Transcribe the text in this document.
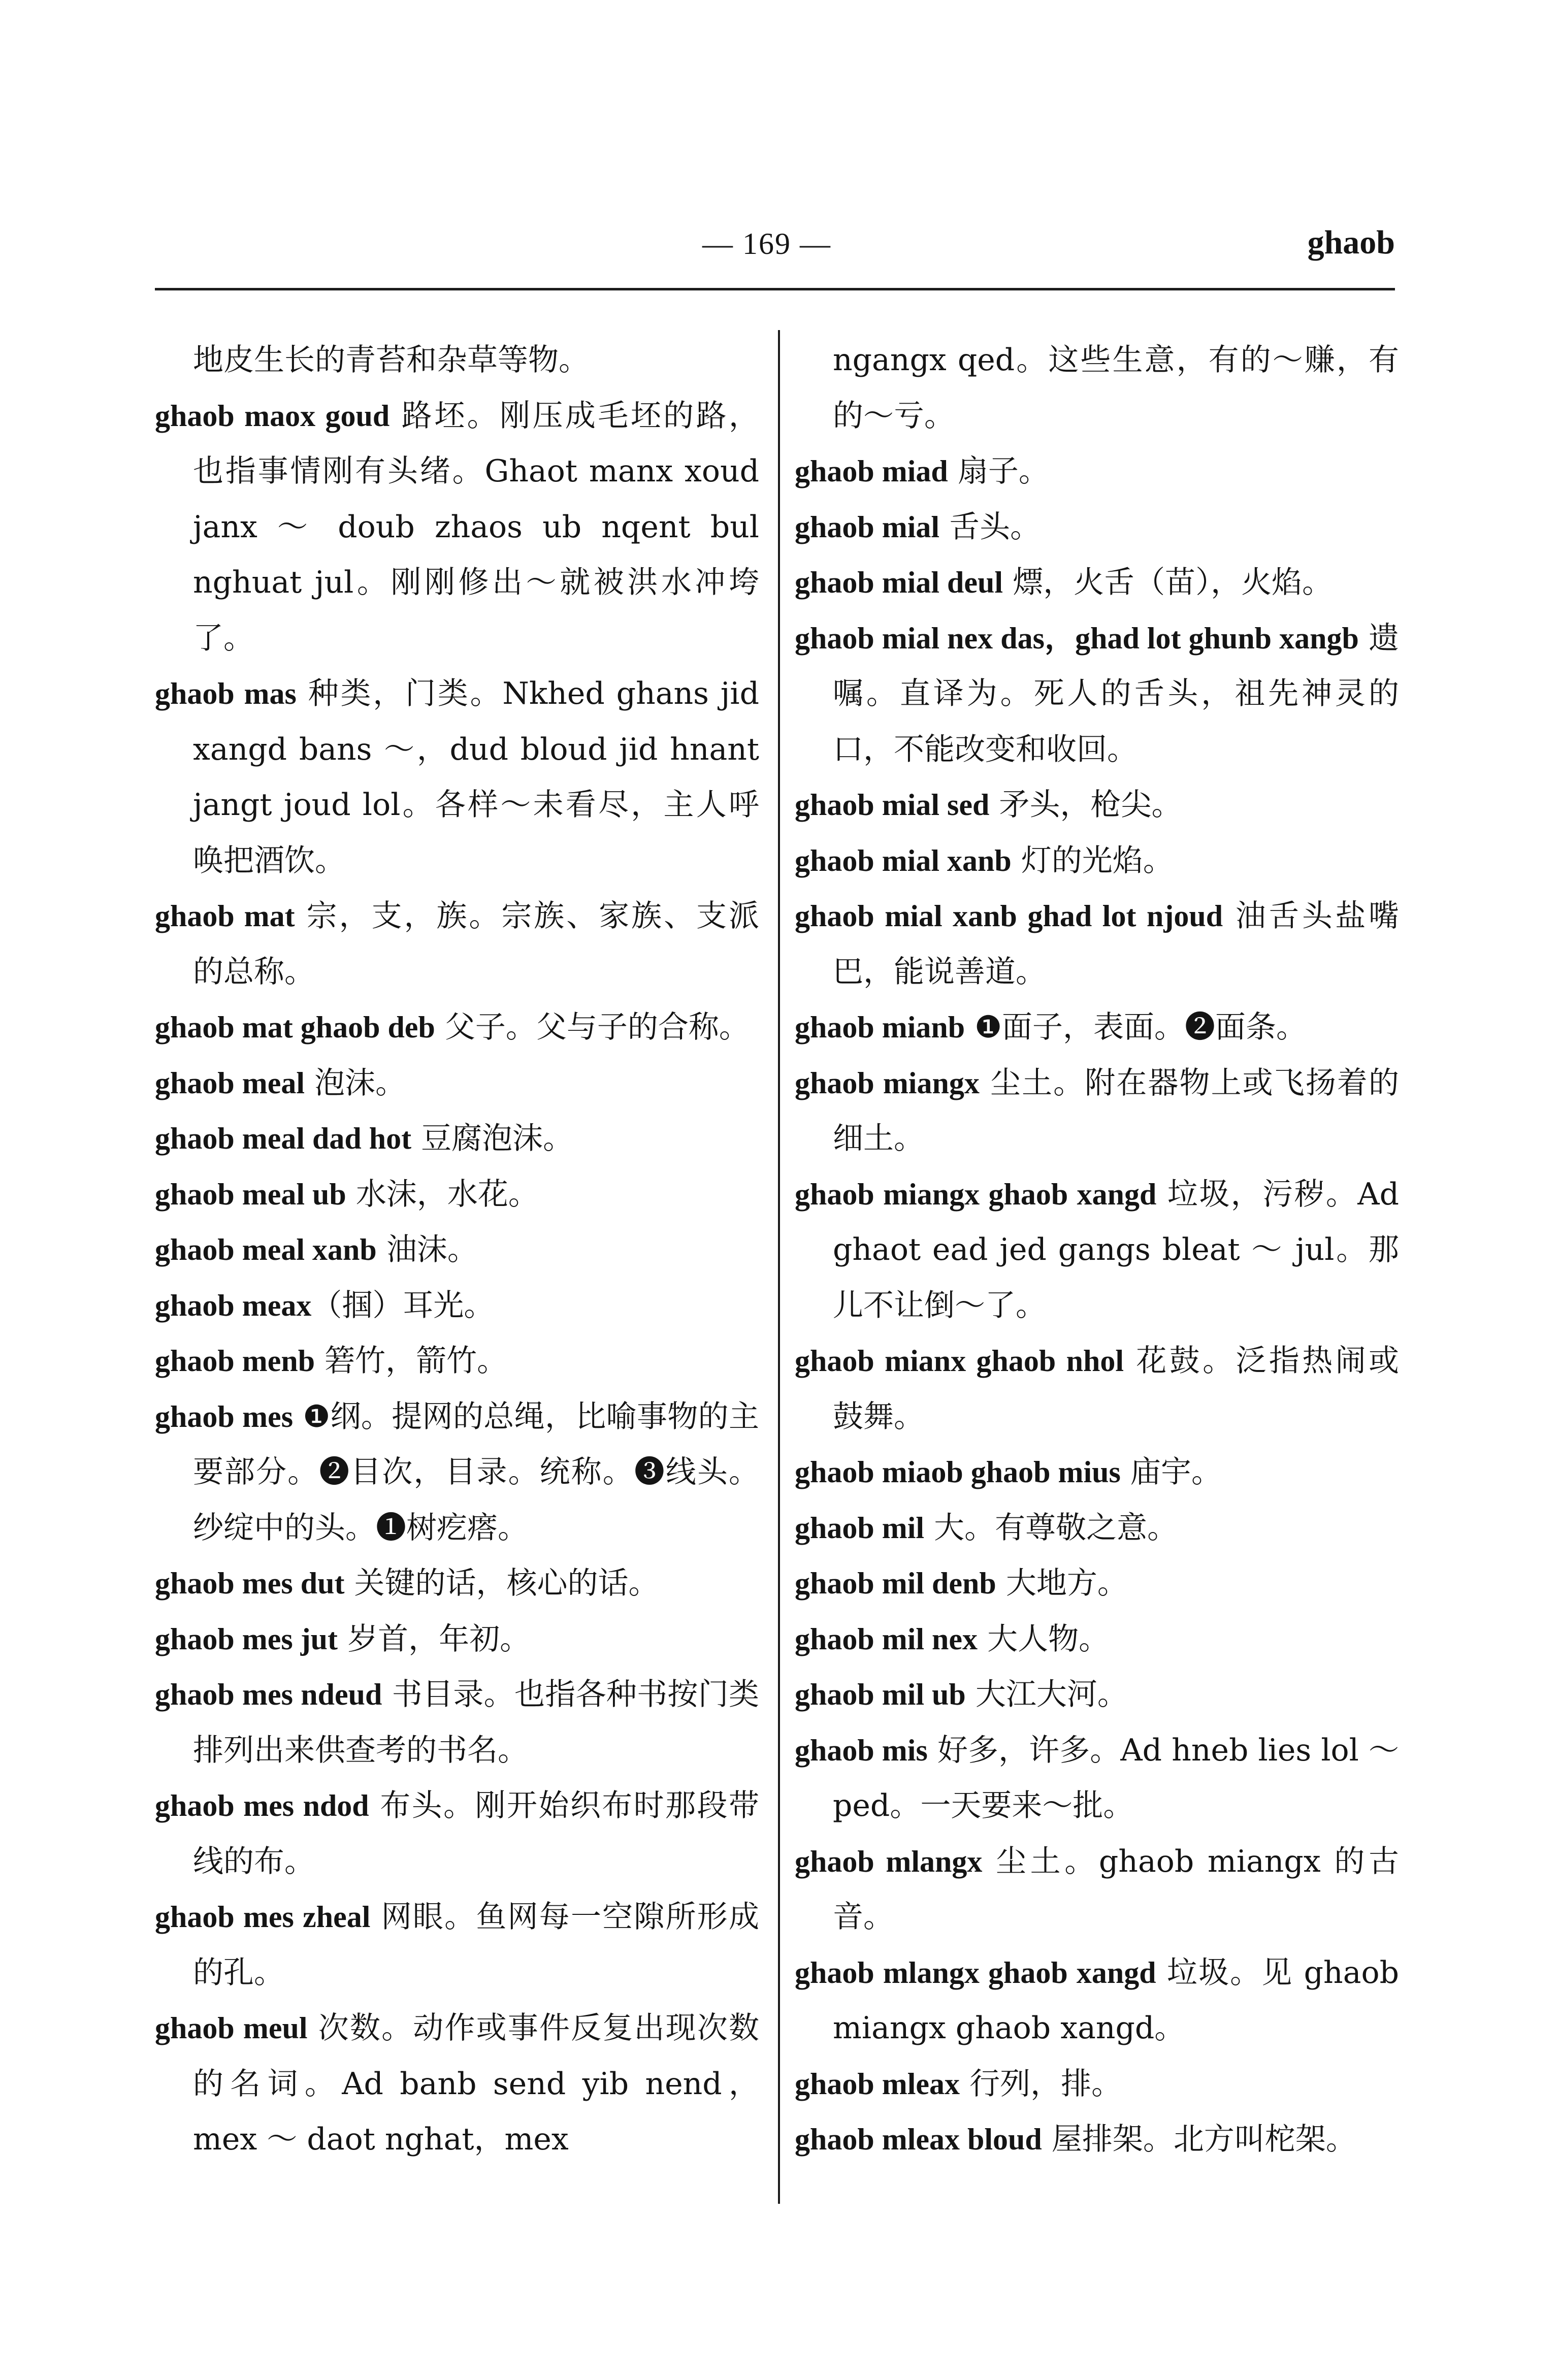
— 169 —	ghaob

地皮生长的青苔和杂草等物。

ghaob maox goud 路坯。刚压成毛坯的路，也指事情刚有头绪。Ghaot manx xoud janx ～ doub zhaos ub nqent bul nghuat jul。刚刚修出～就被洪水冲垮了。

ghaob mas 种类，门类。Nkhed ghans jid xangd bans ～，dud bloud jid hnant jangt joud lol。各样～未看尽，主人呼唤把酒饮。

ghaob mat 宗，支，族。宗族、家族、支派的总称。

ghaob mat ghaob deb 父子。父与子的合称。

ghaob meal 泡沫。

ghaob meal dad hot 豆腐泡沫。

ghaob meal ub 水沫，水花。

ghaob meal xanb 油沫。

ghaob meax（掴）耳光。

ghaob menb 箬竹，箭竹。

ghaob mes ❶纲。提网的总绳，比喻事物的主要部分。❷目次，目录。统称。❸线头。纱绽中的头。❶树疙瘩。

ghaob mes dut 关键的话，核心的话。

ghaob mes jut 岁首，年初。

ghaob mes ndeud 书目录。也指各种书按门类排列出来供查考的书名。

ghaob mes ndod 布头。刚开始织布时那段带线的布。

ghaob mes zheal 网眼。鱼网每一空隙所形成的孔。

ghaob meul 次数。动作或事件反复出现次数的名词。Ad banb send yib nend，mex ～ daot nghat，mex

ngangx qed。这些生意，有的～赚，有的～亏。

ghaob miad 扇子。

ghaob mial 舌头。

ghaob mial deul 熛，火舌（苗），火焰。

ghaob mial nex das，ghad lot ghunb xangb 遗嘱。直译为。死人的舌头，祖先神灵的口，不能改变和收回。

ghaob mial sed 矛头，枪尖。

ghaob mial xanb 灯的光焰。

ghaob mial xanb ghad lot njoud 油舌头盐嘴巴，能说善道。

ghaob mianb ❶面子，表面。❷面条。

ghaob miangx 尘土。附在器物上或飞扬着的细土。

ghaob miangx ghaob xangd 垃圾，污秽。Ad ghaot ead jed gangs bleat ～ jul。那儿不让倒～了。

ghaob mianx ghaob nhol 花鼓。泛指热闹或鼓舞。

ghaob miaob ghaob mius 庙宇。

ghaob mil 大。有尊敬之意。

ghaob mil denb 大地方。

ghaob mil nex 大人物。

ghaob mil ub 大江大河。

ghaob mis 好多，许多。Ad hneb lies lol ～ ped。一天要来～批。

ghaob mlangx 尘土。ghaob miangx 的古音。

ghaob mlangx ghaob xangd 垃圾。见 ghaob miangx ghaob xangd。

ghaob mleax 行列，排。

ghaob mleax bloud 屋排架。北方叫柁架。
